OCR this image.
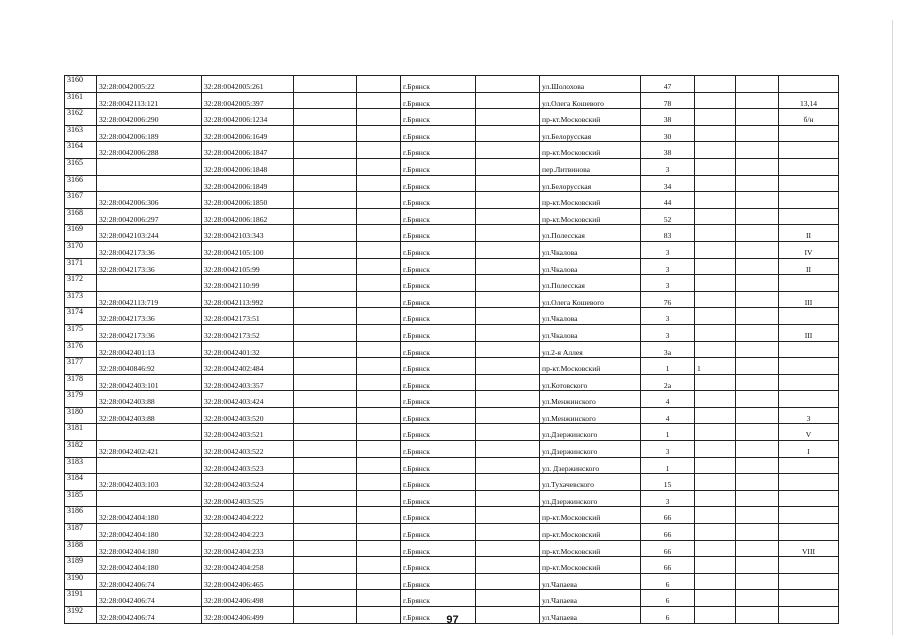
3160	32:28:0042005:22	32:28:0042005:261			г.Брянск		ул.Шолохова	47			
3161	32:28:0042113:121	32:28:0042005:397			г.Брянск		ул.Олега Кошевого	78			13,14
3162	32:28:0042006:290	32:28:0042006:1234			г.Брянск		пр-кт.Московский	38			б/н
3163	32:28:0042006:189	32:28:0042006:1649			г.Брянск		ул.Белорусская	30			
3164	32:28:0042006:288	32:28:0042006:1847			г.Брянск		пр-кт.Московский	38			
3165		32:28:0042006:1848			г.Брянск		пер.Литвинова	3			
3166		32:28:0042006:1849			г.Брянск		ул.Белорусская	34			
3167	32:28:0042006:306	32:28:0042006:1850			г.Брянск		пр-кт.Московский	44			
3168	32:28:0042006:297	32:28:0042006:1862			г.Брянск		пр-кт.Московский	52			
3169	32:28:0042103:244	32:28:0042103:343			г.Брянск		ул.Полесская	83			II
3170	32:28:0042173:36	32:28:0042105:100			г.Брянск		ул.Чкалова	3			IV
3171	32:28:0042173:36	32:28:0042105:99			г.Брянск		ул.Чкалова	3			II
3172		32:28:0042110:99			г.Брянск		ул.Полесская	3			
3173	32:28:0042113:719	32:28:0042113:992			г.Брянск		ул.Олега Кошевого	76			III
3174	32:28:0042173:36	32:28:0042173:51			г.Брянск		ул.Чкалова	3			
3175	32:28:0042173:36	32:28:0042173:52			г.Брянск		ул.Чкалова	3			III
3176	32:28:0042401:13	32:28:0042401:32			г.Брянск		ул.2-я Аллея	3а			
3177	32:28:0040846:92	32:28:0042402:484			г.Брянск		пр-кт.Московский	1	1		
3178	32:28:0042403:101	32:28:0042403:357			г.Брянск		ул.Котовского	2а			
3179	32:28:0042403:88	32:28:0042403:424			г.Брянск		ул.Менжинского	4			
3180	32:28:0042403:88	32:28:0042403:520			г.Брянск		ул.Менжинского	4			3
3181		32:28:0042403:521			г.Брянск		ул.Дзержинского	1			V
3182	32:28:0042402:421	32:28:0042403:522			г.Брянск		ул.Дзержинского	3			I
3183		32:28:0042403:523			г.Брянск		ул. Дзержинского	1			
3184	32:28:0042403:103	32:28:0042403:524			г.Брянск		ул.Тухачевского	15			
3185		32:28:0042403:525			г.Брянск		ул.Дзержинского	3			
3186	32:28:0042404:180	32:28:0042404:222			г.Брянск		пр-кт.Московский	66			
3187	32:28:0042404:180	32:28:0042404:223			г.Брянск		пр-кт.Московский	66			
3188	32:28:0042404:180	32:28:0042404:233			г.Брянск		пр-кт.Московский	66			VIII
3189	32:28:0042404:180	32:28:0042404:258			г.Брянск		пр-кт.Московский	66			
3190	32:28:0042406:74	32:28:0042406:465			г.Брянск		ул.Чапаева	6			
3191	32:28:0042406:74	32:28:0042406:498			г.Брянск		ул.Чапаева	6			
3192	32:28:0042406:74	32:28:0042406:499			г.Брянск		ул.Чапаева	6			
97
